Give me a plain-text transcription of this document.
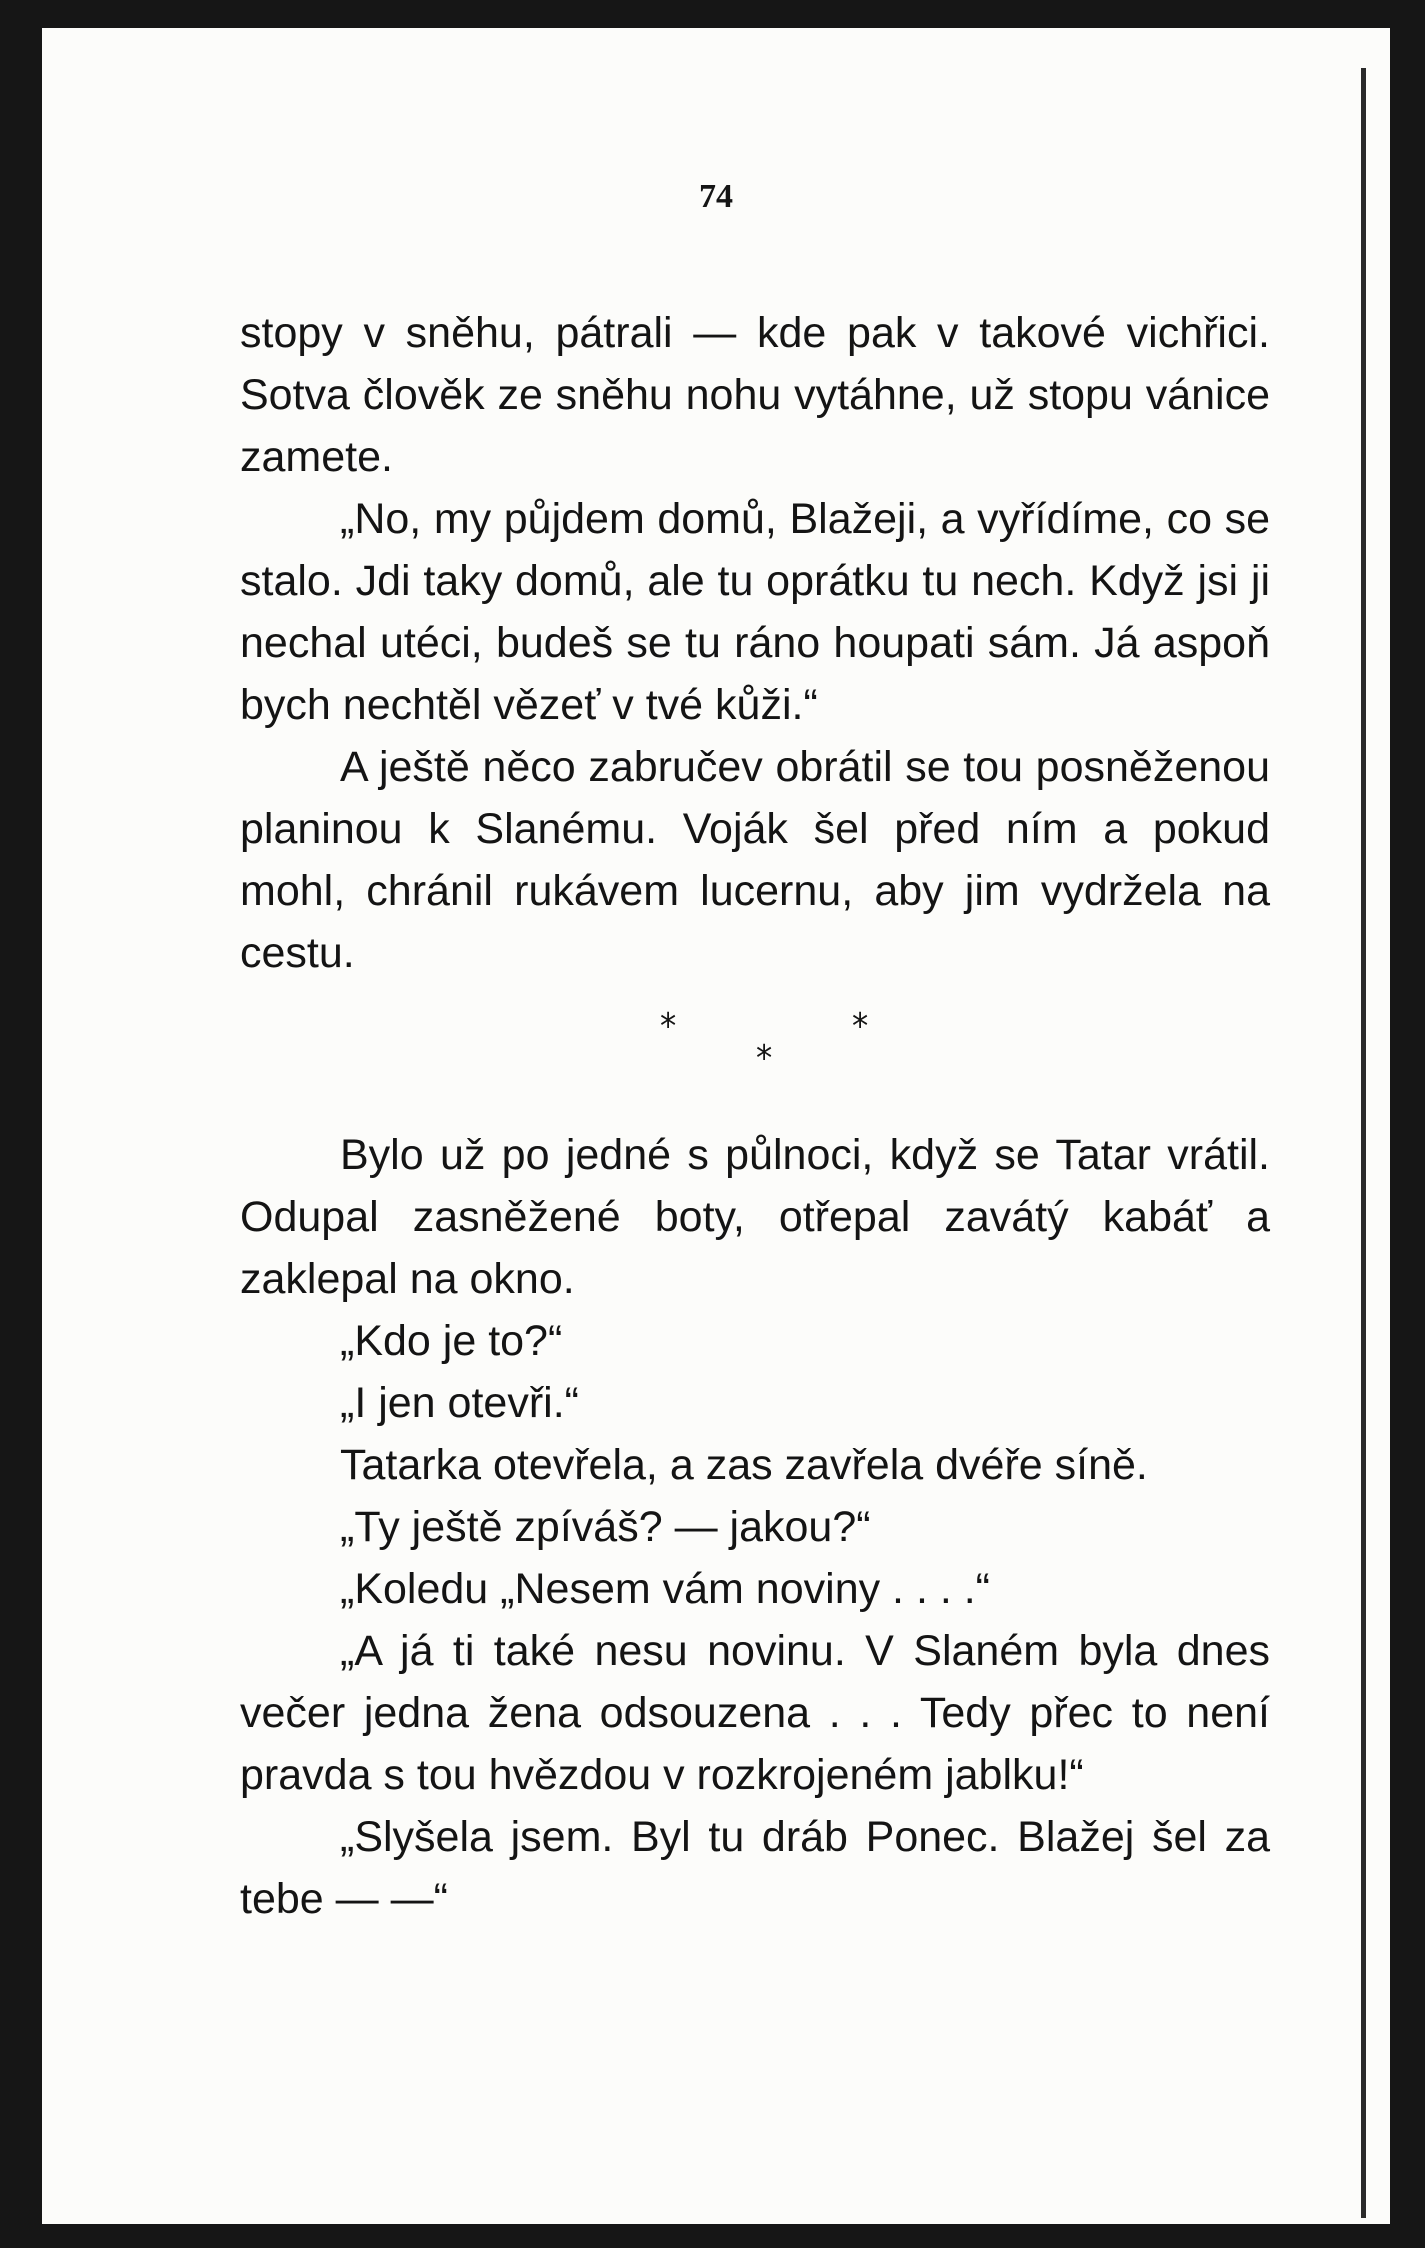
74

stopy v sněhu, pátrali — kde pak v takové vichřici. Sotva člověk ze sněhu nohu vytáhne, už stopu vánice zamete.

„No, my půjdem domů, Blažeji, a vyřídíme, co se stalo. Jdi taky domů, ale tu oprátku tu nech. Když jsi ji nechal utéci, budeš se tu ráno houpati sám. Já aspoň bych nechtěl vězeť v tvé kůži.“

A ještě něco zabručev obrátil se tou posněženou planinou k Slanému. Voják šel před ním a pokud mohl, chránil rukávem lucernu, aby jim vydržela na cestu.

*	*
*

Bylo už po jedné s půlnoci, když se Tatar vrátil. Odupal zasněžené boty, otřepal zavátý kabáť a zaklepal na okno.

„Kdo je to?“

„I jen otevři.“

Tatarka otevřela, a zas zavřela dvéře síně.

„Ty ještě zpíváš? — jakou?“

„Koledu „Nesem vám noviny . . . .“

„A já ti také nesu novinu. V Slaném byla dnes večer jedna žena odsouzena . . . Tedy přec to není pravda s tou hvězdou v rozkrojeném jablku!“

„Slyšela jsem. Byl tu dráb Ponec. Blažej šel za tebe — —“
